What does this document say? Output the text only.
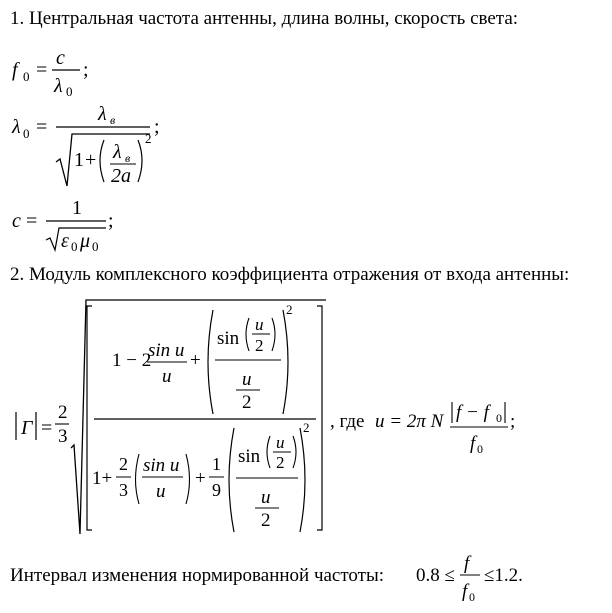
1. Центральная частота антенны, длина волны, скорость света:
f 0 =
c
λ 0
;
λ 0 =
λ в
1 + λ в
2a
2
;
c =
1
ε 0 μ 0
;
2. Модуль комплексного коэффициента отражения от входа антенны:
Γ =
2
3
1 − 2
sin u
u
+
sin
u
2
u
2
2
1+
2
3
sin u
u
+
1
9
sin
u
2
u
2
2 , где u = 2π N f − f 0
f 0
;
Интервал изменения нормированной частоты: 0.8 ≤
f
f 0
≤1.2.
